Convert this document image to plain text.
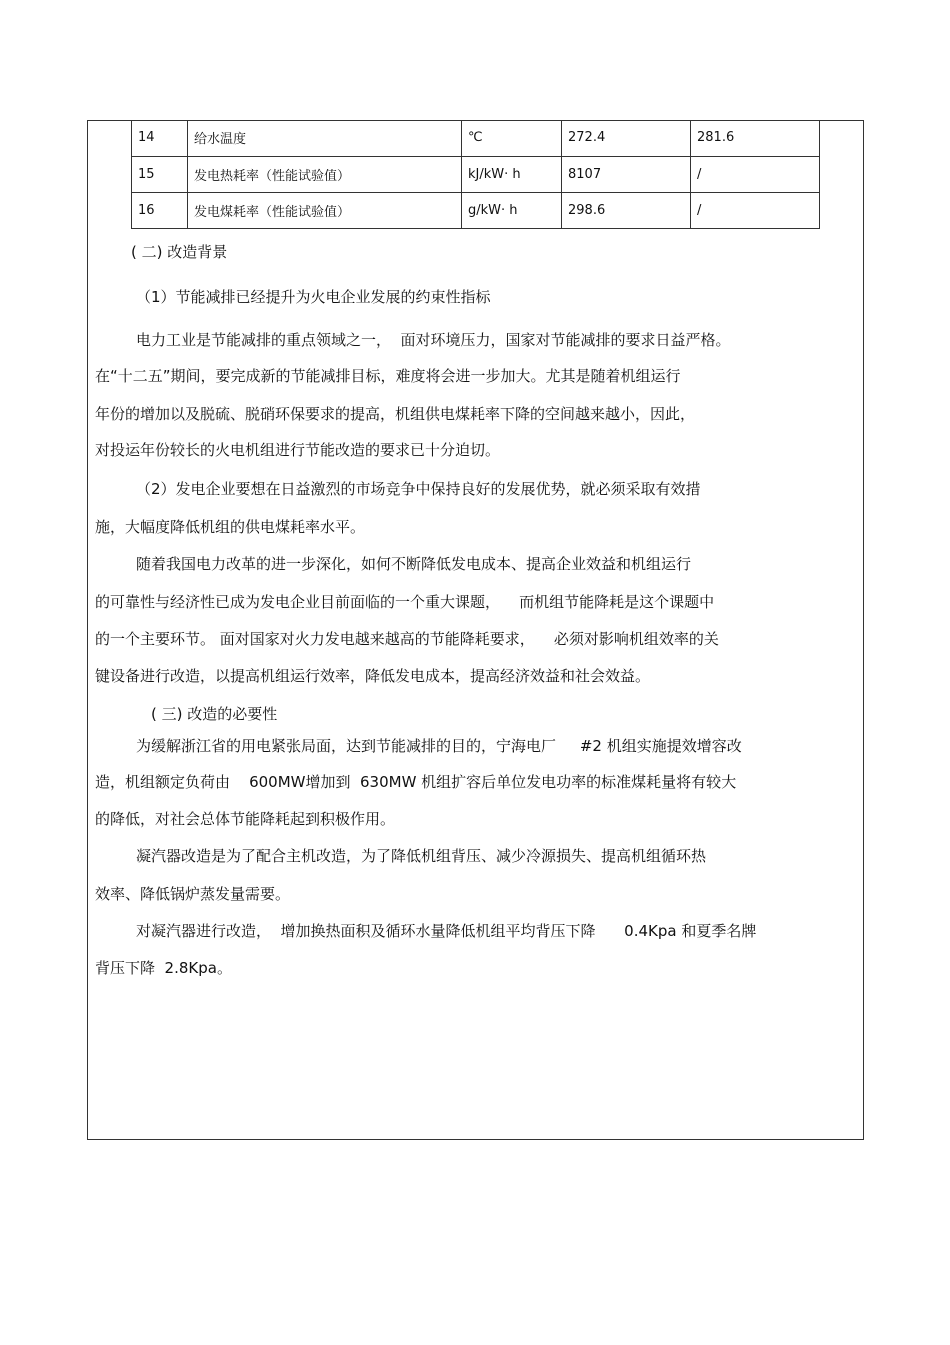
14	给水温度	℃	272.4	281.6
15	发电热耗率（性能试验值）	kJ/kW· h	8107	/
16	发电煤耗率（性能试验值）	g/kW· h	298.6	/

( 二) 改造背景

（1）节能减排已经提升为火电企业发展的约束性指标

电力工业是节能减排的重点领域之一，  面对环境压力，国家对节能减排的要求日益严格。

在“十二五”期间，要完成新的节能减排目标，难度将会进一步加大。尤其是随着机组运行

年份的增加以及脱硫、脱硝环保要求的提高，机组供电煤耗率下降的空间越来越小，因此，

对投运年份较长的火电机组进行节能改造的要求已十分迫切。

（2）发电企业要想在日益激烈的市场竞争中保持良好的发展优势，就必须采取有效措

施，大幅度降低机组的供电煤耗率水平。

随着我国电力改革的进一步深化，如何不断降低发电成本、提高企业效益和机组运行

的可靠性与经济性已成为发电企业目前面临的一个重大课题，    而机组节能降耗是这个课题中

的一个主要环节。 面对国家对火力发电越来越高的节能降耗要求，    必须对影响机组效率的关

键设备进行改造，以提高机组运行效率，降低发电成本，提高经济效益和社会效益。

( 三) 改造的必要性

为缓解浙江省的用电紧张局面，达到节能减排的目的，宁海电厂     #2 机组实施提效增容改

造，机组额定负荷由    600MW增加到  630MW 机组扩容后单位发电功率的标准煤耗量将有较大

的降低，对社会总体节能降耗起到积极作用。

凝汽器改造是为了配合主机改造，为了降低机组背压、减少冷源损失、提高机组循环热

效率、降低锅炉蒸发量需要。

对凝汽器进行改造，  增加换热面积及循环水量降低机组平均背压下降      0.4Kpa 和夏季名牌

背压下降  2.8Kpa。
